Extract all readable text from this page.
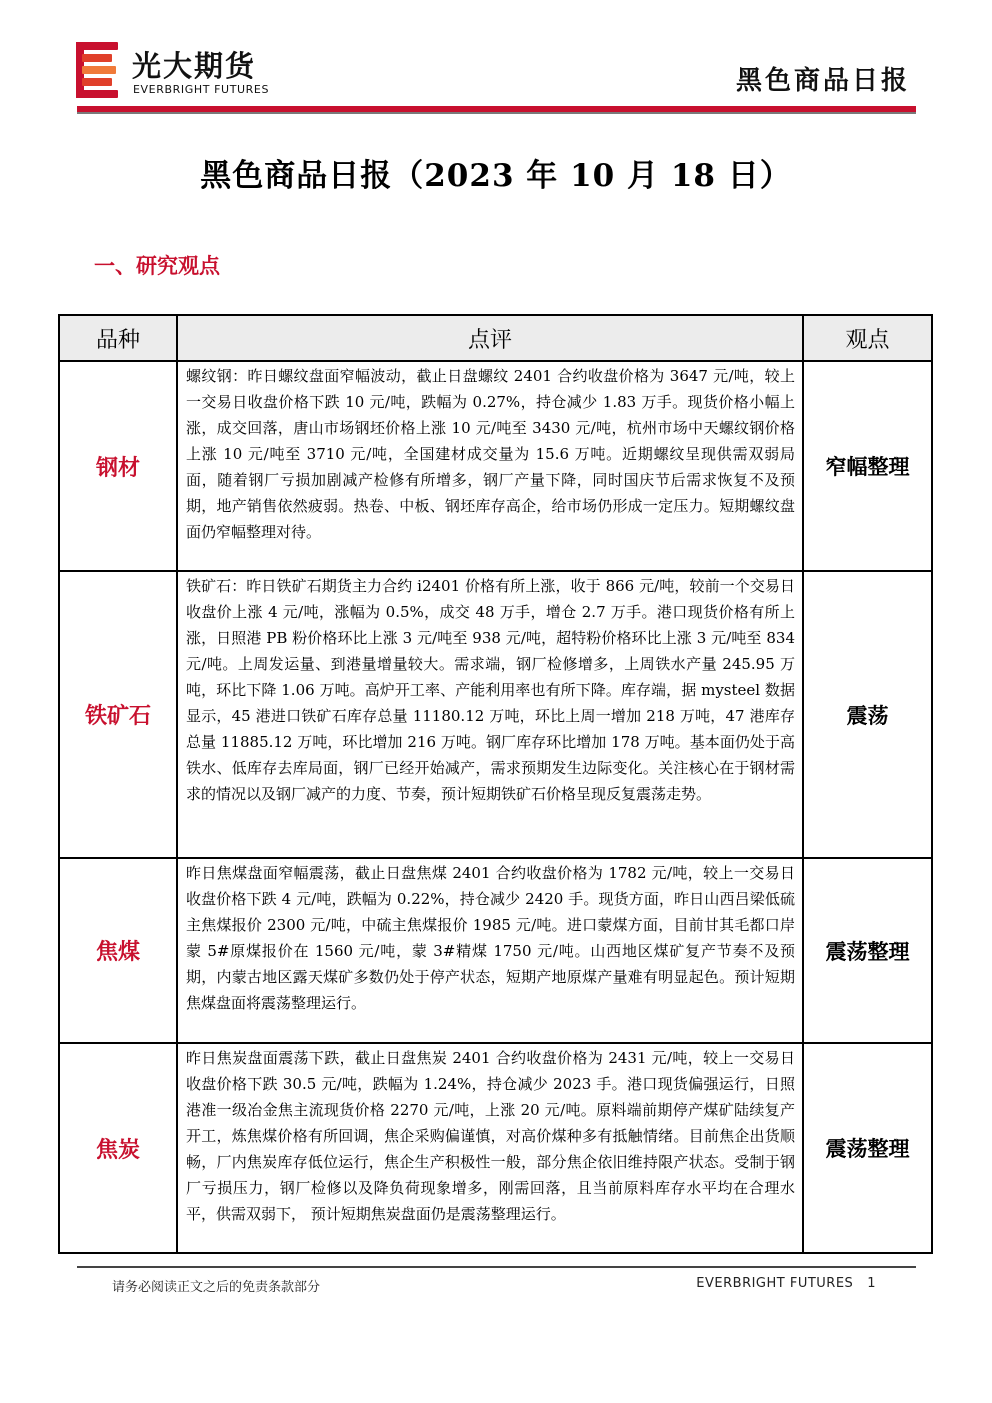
光大期货
EVERBRIGHT FUTURES	黑色商品日报
黑色商品日报（2023 年 10 月 18 日）
一、研究观点
品种	点评	观点
钢材	螺纹钢：昨日螺纹盘面窄幅波动，截止日盘螺纹 2401 合约收盘价格为 3647 元/吨，较上一交易日收盘价格下跌 10 元/吨，跌幅为 0.27%，持仓减少 1.83 万手。现货价格小幅上涨，成交回落，唐山市场钢坯价格上涨 10 元/吨至 3430 元/吨，杭州市场中天螺纹钢价格上涨 10 元/吨至 3710 元/吨，全国建材成交量为 15.6 万吨。近期螺纹呈现供需双弱局面，随着钢厂亏损加剧减产检修有所增多，钢厂产量下降，同时国庆节后需求恢复不及预期，地产销售依然疲弱。热卷、中板、钢坯库存高企，给市场仍形成一定压力。短期螺纹盘面仍窄幅整理对待。	窄幅整理
铁矿石	铁矿石：昨日铁矿石期货主力合约 i2401 价格有所上涨，收于 866 元/吨，较前一个交易日收盘价上涨 4 元/吨，涨幅为 0.5%，成交 48 万手，增仓 2.7 万手。港口现货价格有所上涨，日照港 PB 粉价格环比上涨 3 元/吨至 938 元/吨，超特粉价格环比上涨 3 元/吨至 834 元/吨。上周发运量、到港量增量较大。需求端，钢厂检修增多，上周铁水产量 245.95 万吨，环比下降 1.06 万吨。高炉开工率、产能利用率也有所下降。库存端，据 mysteel 数据显示，45 港进口铁矿石库存总量 11180.12 万吨，环比上周一增加 218 万吨，47 港库存总量 11885.12 万吨，环比增加 216 万吨。钢厂库存环比增加 178 万吨。基本面仍处于高铁水、低库存去库局面，钢厂已经开始减产，需求预期发生边际变化。关注核心在于钢材需求的情况以及钢厂减产的力度、节奏，预计短期铁矿石价格呈现反复震荡走势。	震荡
焦煤	昨日焦煤盘面窄幅震荡，截止日盘焦煤 2401 合约收盘价格为 1782 元/吨，较上一交易日收盘价格下跌 4 元/吨，跌幅为 0.22%，持仓减少 2420 手。现货方面，昨日山西吕梁低硫主焦煤报价 2300 元/吨，中硫主焦煤报价 1985 元/吨。进口蒙煤方面，目前甘其毛都口岸蒙 5#原煤报价在 1560 元/吨，蒙 3#精煤 1750 元/吨。山西地区煤矿复产节奏不及预期，内蒙古地区露天煤矿多数仍处于停产状态，短期产地原煤产量难有明显起色。预计短期焦煤盘面将震荡整理运行。	震荡整理
焦炭	昨日焦炭盘面震荡下跌，截止日盘焦炭 2401 合约收盘价格为 2431 元/吨，较上一交易日收盘价格下跌 30.5 元/吨，跌幅为 1.24%，持仓减少 2023 手。港口现货偏强运行，日照港准一级冶金焦主流现货价格 2270 元/吨，上涨 20 元/吨。原料端前期停产煤矿陆续复产开工，炼焦煤价格有所回调，焦企采购偏谨慎，对高价煤种多有抵触情绪。目前焦企出货顺畅，厂内焦炭库存低位运行，焦企生产积极性一般，部分焦企依旧维持限产状态。受制于钢厂亏损压力，钢厂检修以及降负荷现象增多，刚需回落，且当前原料库存水平均在合理水平，供需双弱下， 预计短期焦炭盘面仍是震荡整理运行。	震荡整理
请务必阅读正文之后的免责条款部分	EVERBRIGHT FUTURES 1
